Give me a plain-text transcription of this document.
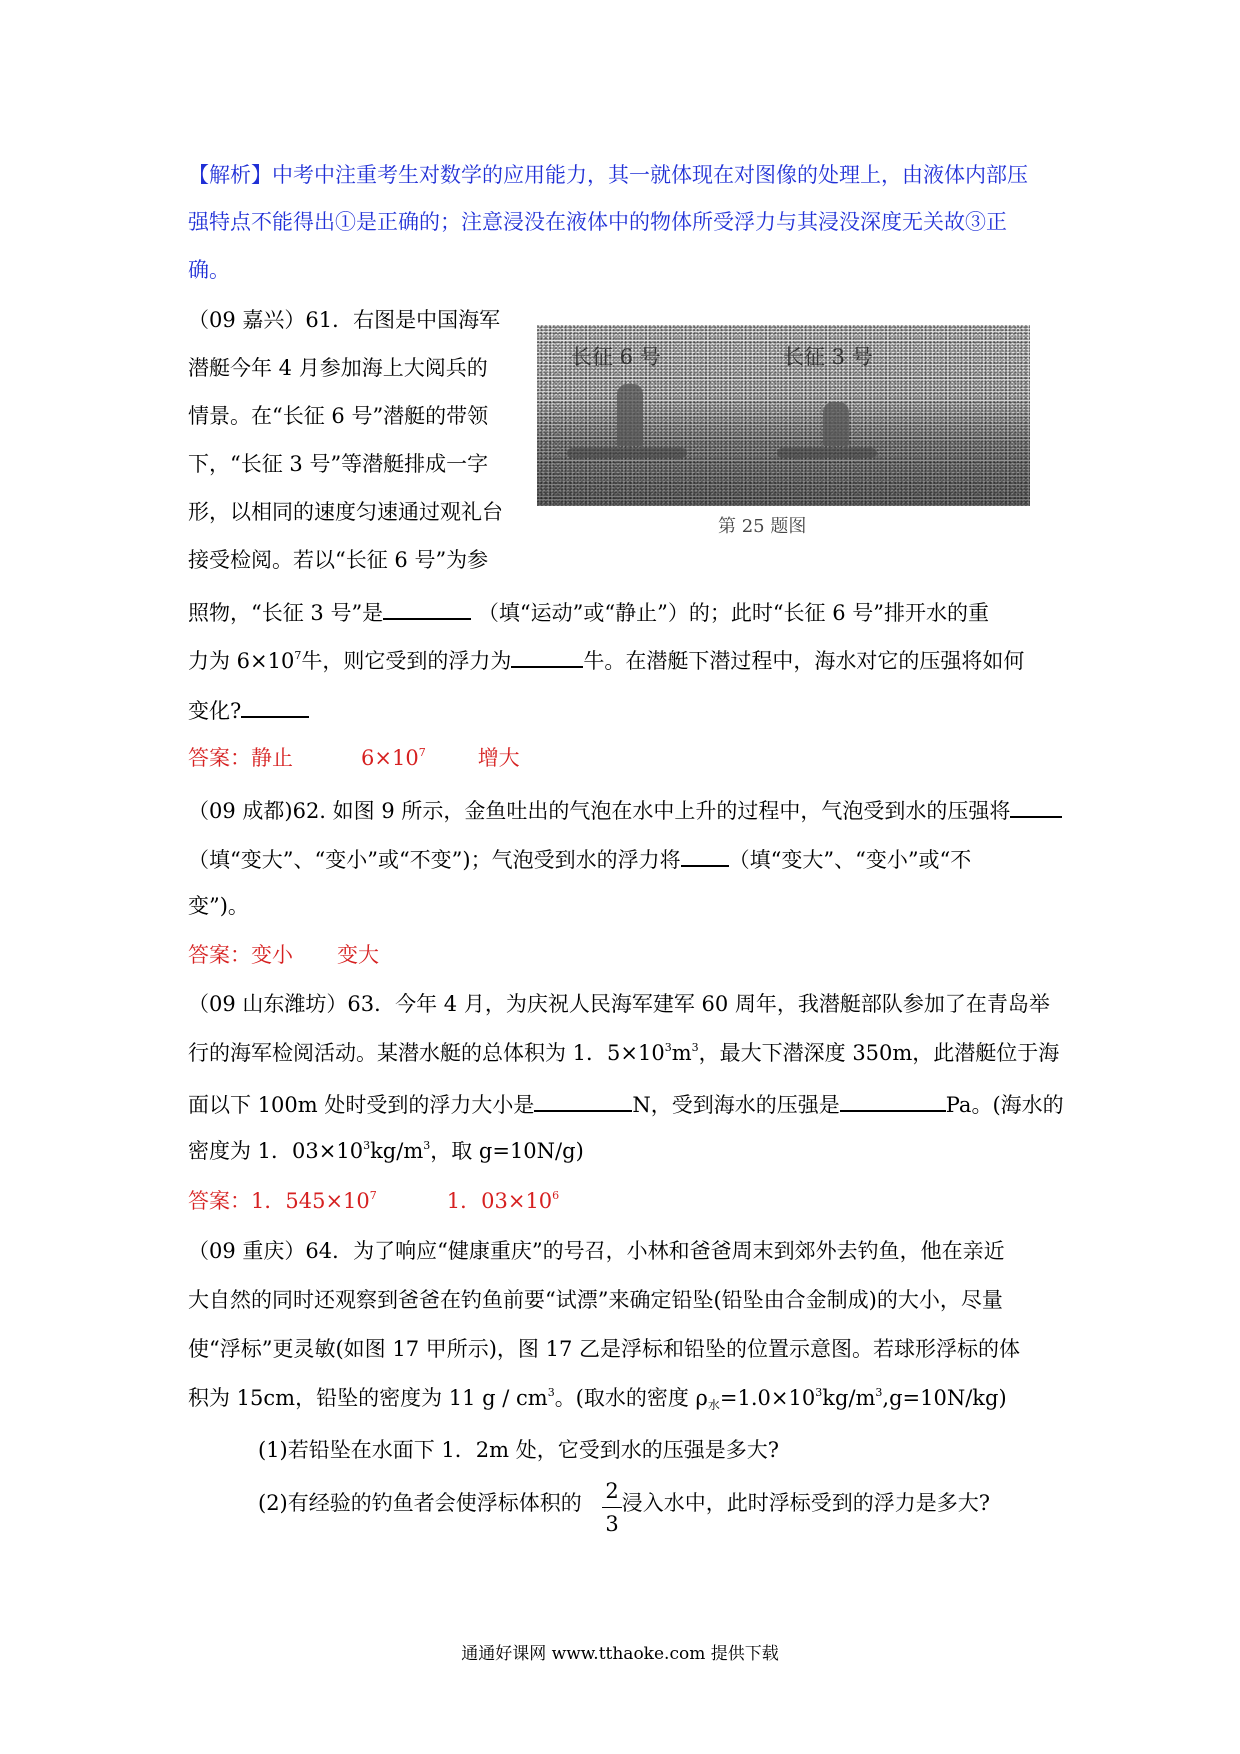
【解析】中考中注重考生对数学的应用能力，其一就体现在对图像的处理上，由液体内部压
强特点不能得出①是正确的；注意浸没在液体中的物体所受浮力与其浸没深度无关故③正
确。
（09 嘉兴）61．右图是中国海军
潜艇今年 4 月参加海上大阅兵的
情景。在“长征 6 号”潜艇的带领
下，“长征 3 号”等潜艇排成一字
形，以相同的速度匀速通过观礼台
接受检阅。若以“长征 6 号”为参
长征 6 号	长征 3 号
第 25 题图
照物，“长征 3 号”是	（填“运动”或“静止”）的；此时“长征 6 号”排开水的重
力为 $6\times 10^7$牛，则它受到的浮力为	牛。在潜艇下潜过程中，海水对它的压强将如何
变化?
答案：静止	$6\times 10^7$ 增大
（09 成都)62. 如图 9 所示，金鱼吐出的气泡在水中上升的过程中，气泡受到水的压强将
（填“变大”、“变小”或“不变”)；气泡受到水的浮力将 （填“变大”、“变小”或“不
变”)。
答案：变小 变大
（09 山东潍坊）63．今年 4 月，为庆祝人民海军建军 60 周年，我潜艇部队参加了在青岛举
行的海军检阅活动。某潜水艇的总体积为 1．$5\times 10^3m^3$，最大下潜深度 350m，此潜艇位于海
面以下 100m 处时受到的浮力大小是	N，受到海水的压强是	Pa。(海水的
密度为 1．$03\times 10^3kg/m^3$，取 g=10N/g)
答案：1．$545\times 10^7$	1．$03\times 10^6$
（09 重庆）64．为了响应“健康重庆”的号召，小林和爸爸周末到郊外去钓鱼，他在亲近
大自然的同时还观察到爸爸在钓鱼前要“试漂”来确定铅坠(铅坠由合金制成)的大小，尽量
使“浮标”更灵敏(如图 17 甲所示)，图 17 乙是浮标和铅坠的位置示意图。若球形浮标的体
积为 15cm，铅坠的密度为 11 g / $cm^3$。(取水的密度 $\rho_水=1.0\times 10^3kg/m^3,g=10N/kg$)
(1)若铅坠在水面下 1．2m 处，它受到水的压强是多大?
(2)有经验的钓鱼者会使浮标体积的 浸入水中，此时浮标受到的浮力是多大?
2
3
通通好课网 www.tthaoke.com 提供下载
